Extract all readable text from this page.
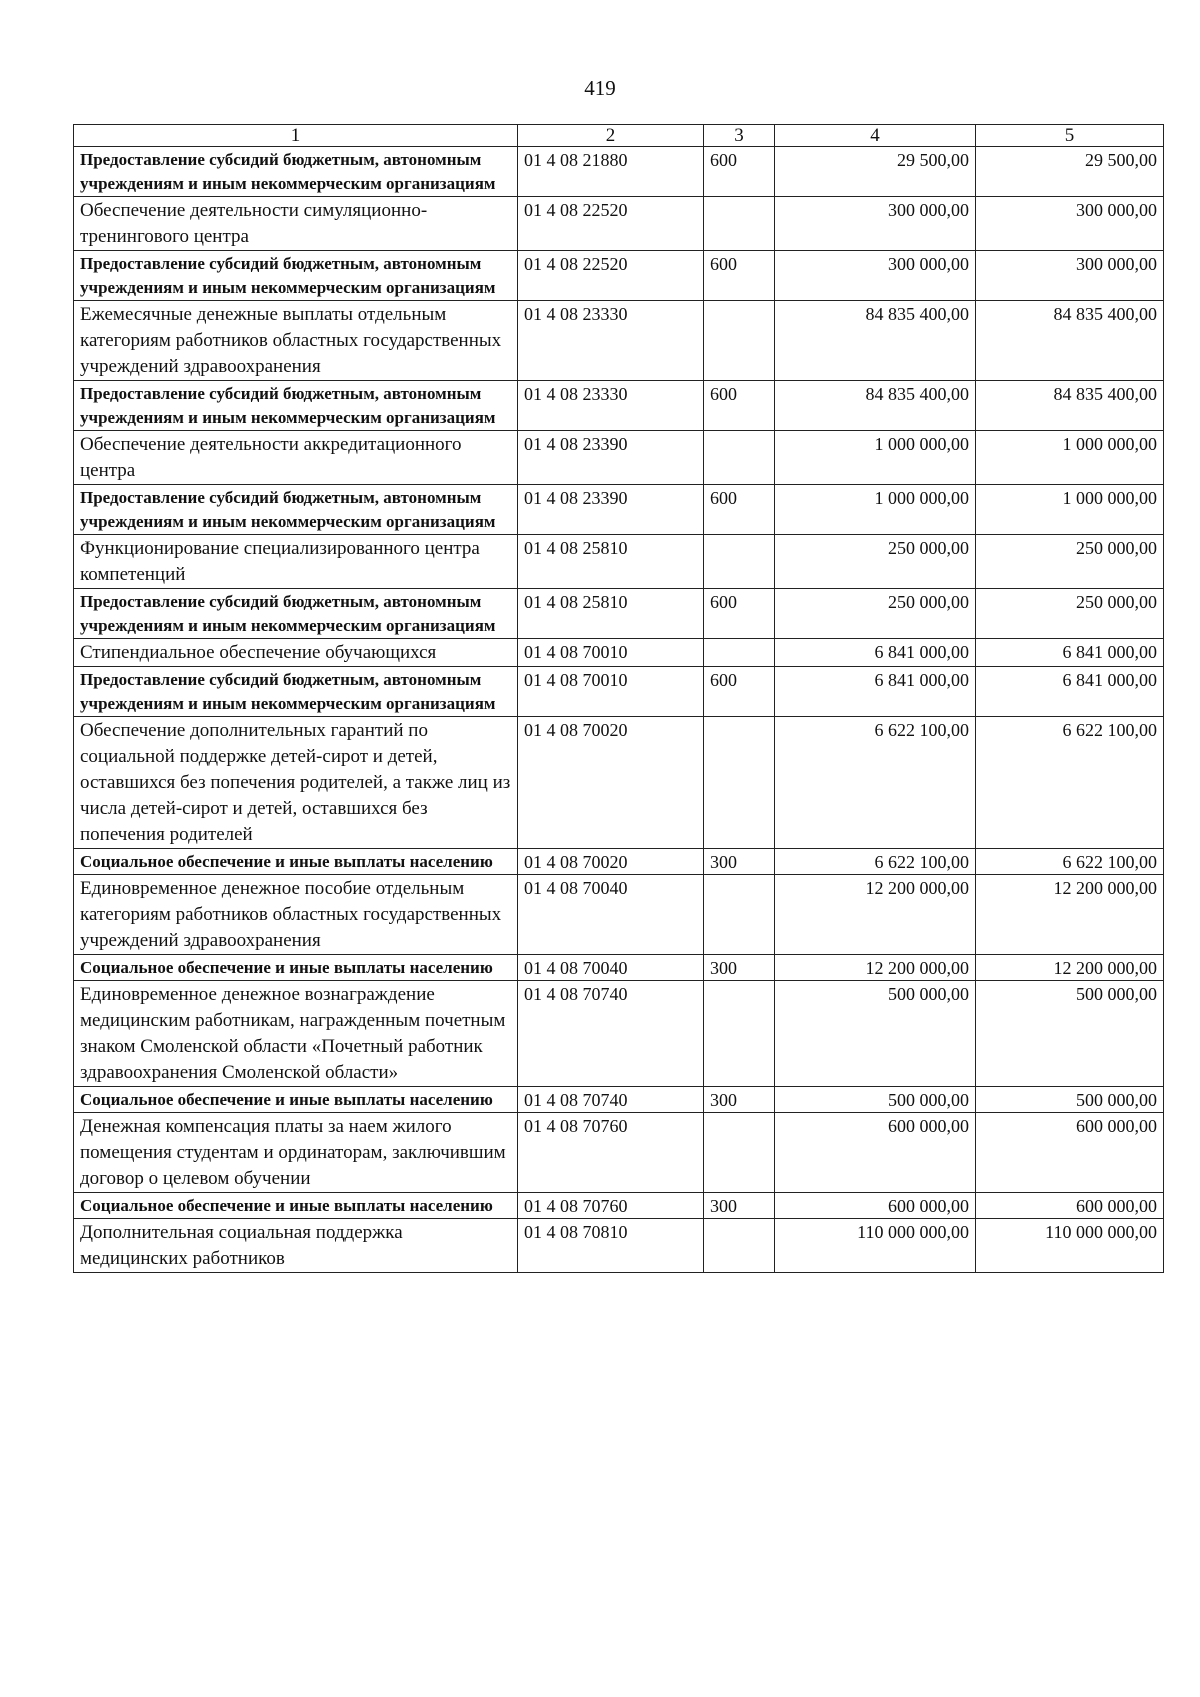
419
1	2	3	4	5
Предоставление субсидий бюджетным, автономным учреждениям и иным некоммерческим организациям	01 4 08 21880	600	29 500,00	29 500,00
Обеспечение деятельности симуляционно-тренингового центра	01 4 08 22520		300 000,00	300 000,00
Предоставление субсидий бюджетным, автономным учреждениям и иным некоммерческим организациям	01 4 08 22520	600	300 000,00	300 000,00
Ежемесячные денежные выплаты отдельным категориям работников областных государственных учреждений здравоохранения	01 4 08 23330		84 835 400,00	84 835 400,00
Предоставление субсидий бюджетным, автономным учреждениям и иным некоммерческим организациям	01 4 08 23330	600	84 835 400,00	84 835 400,00
Обеспечение деятельности аккредитационного центра	01 4 08 23390		1 000 000,00	1 000 000,00
Предоставление субсидий бюджетным, автономным учреждениям и иным некоммерческим организациям	01 4 08 23390	600	1 000 000,00	1 000 000,00
Функционирование специализированного центра компетенций	01 4 08 25810		250 000,00	250 000,00
Предоставление субсидий бюджетным, автономным учреждениям и иным некоммерческим организациям	01 4 08 25810	600	250 000,00	250 000,00
Стипендиальное обеспечение обучающихся	01 4 08 70010		6 841 000,00	6 841 000,00
Предоставление субсидий бюджетным, автономным учреждениям и иным некоммерческим организациям	01 4 08 70010	600	6 841 000,00	6 841 000,00
Обеспечение дополнительных гарантий по социальной поддержке детей-сирот и детей, оставшихся без попечения родителей, а также лиц из числа детей-сирот и детей, оставшихся без попечения родителей	01 4 08 70020		6 622 100,00	6 622 100,00
Социальное обеспечение и иные выплаты населению	01 4 08 70020	300	6 622 100,00	6 622 100,00
Единовременное денежное пособие отдельным категориям работников областных государственных учреждений здравоохранения	01 4 08 70040		12 200 000,00	12 200 000,00
Социальное обеспечение и иные выплаты населению	01 4 08 70040	300	12 200 000,00	12 200 000,00
Единовременное денежное вознаграждение медицинским работникам, награжденным почетным знаком Смоленской области «Почетный работник здравоохранения Смоленской области»	01 4 08 70740		500 000,00	500 000,00
Социальное обеспечение и иные выплаты населению	01 4 08 70740	300	500 000,00	500 000,00
Денежная компенсация платы за наем жилого помещения студентам и ординаторам, заключившим договор о целевом обучении	01 4 08 70760		600 000,00	600 000,00
Социальное обеспечение и иные выплаты населению	01 4 08 70760	300	600 000,00	600 000,00
Дополнительная социальная поддержка медицинских работников	01 4 08 70810		110 000 000,00	110 000 000,00
